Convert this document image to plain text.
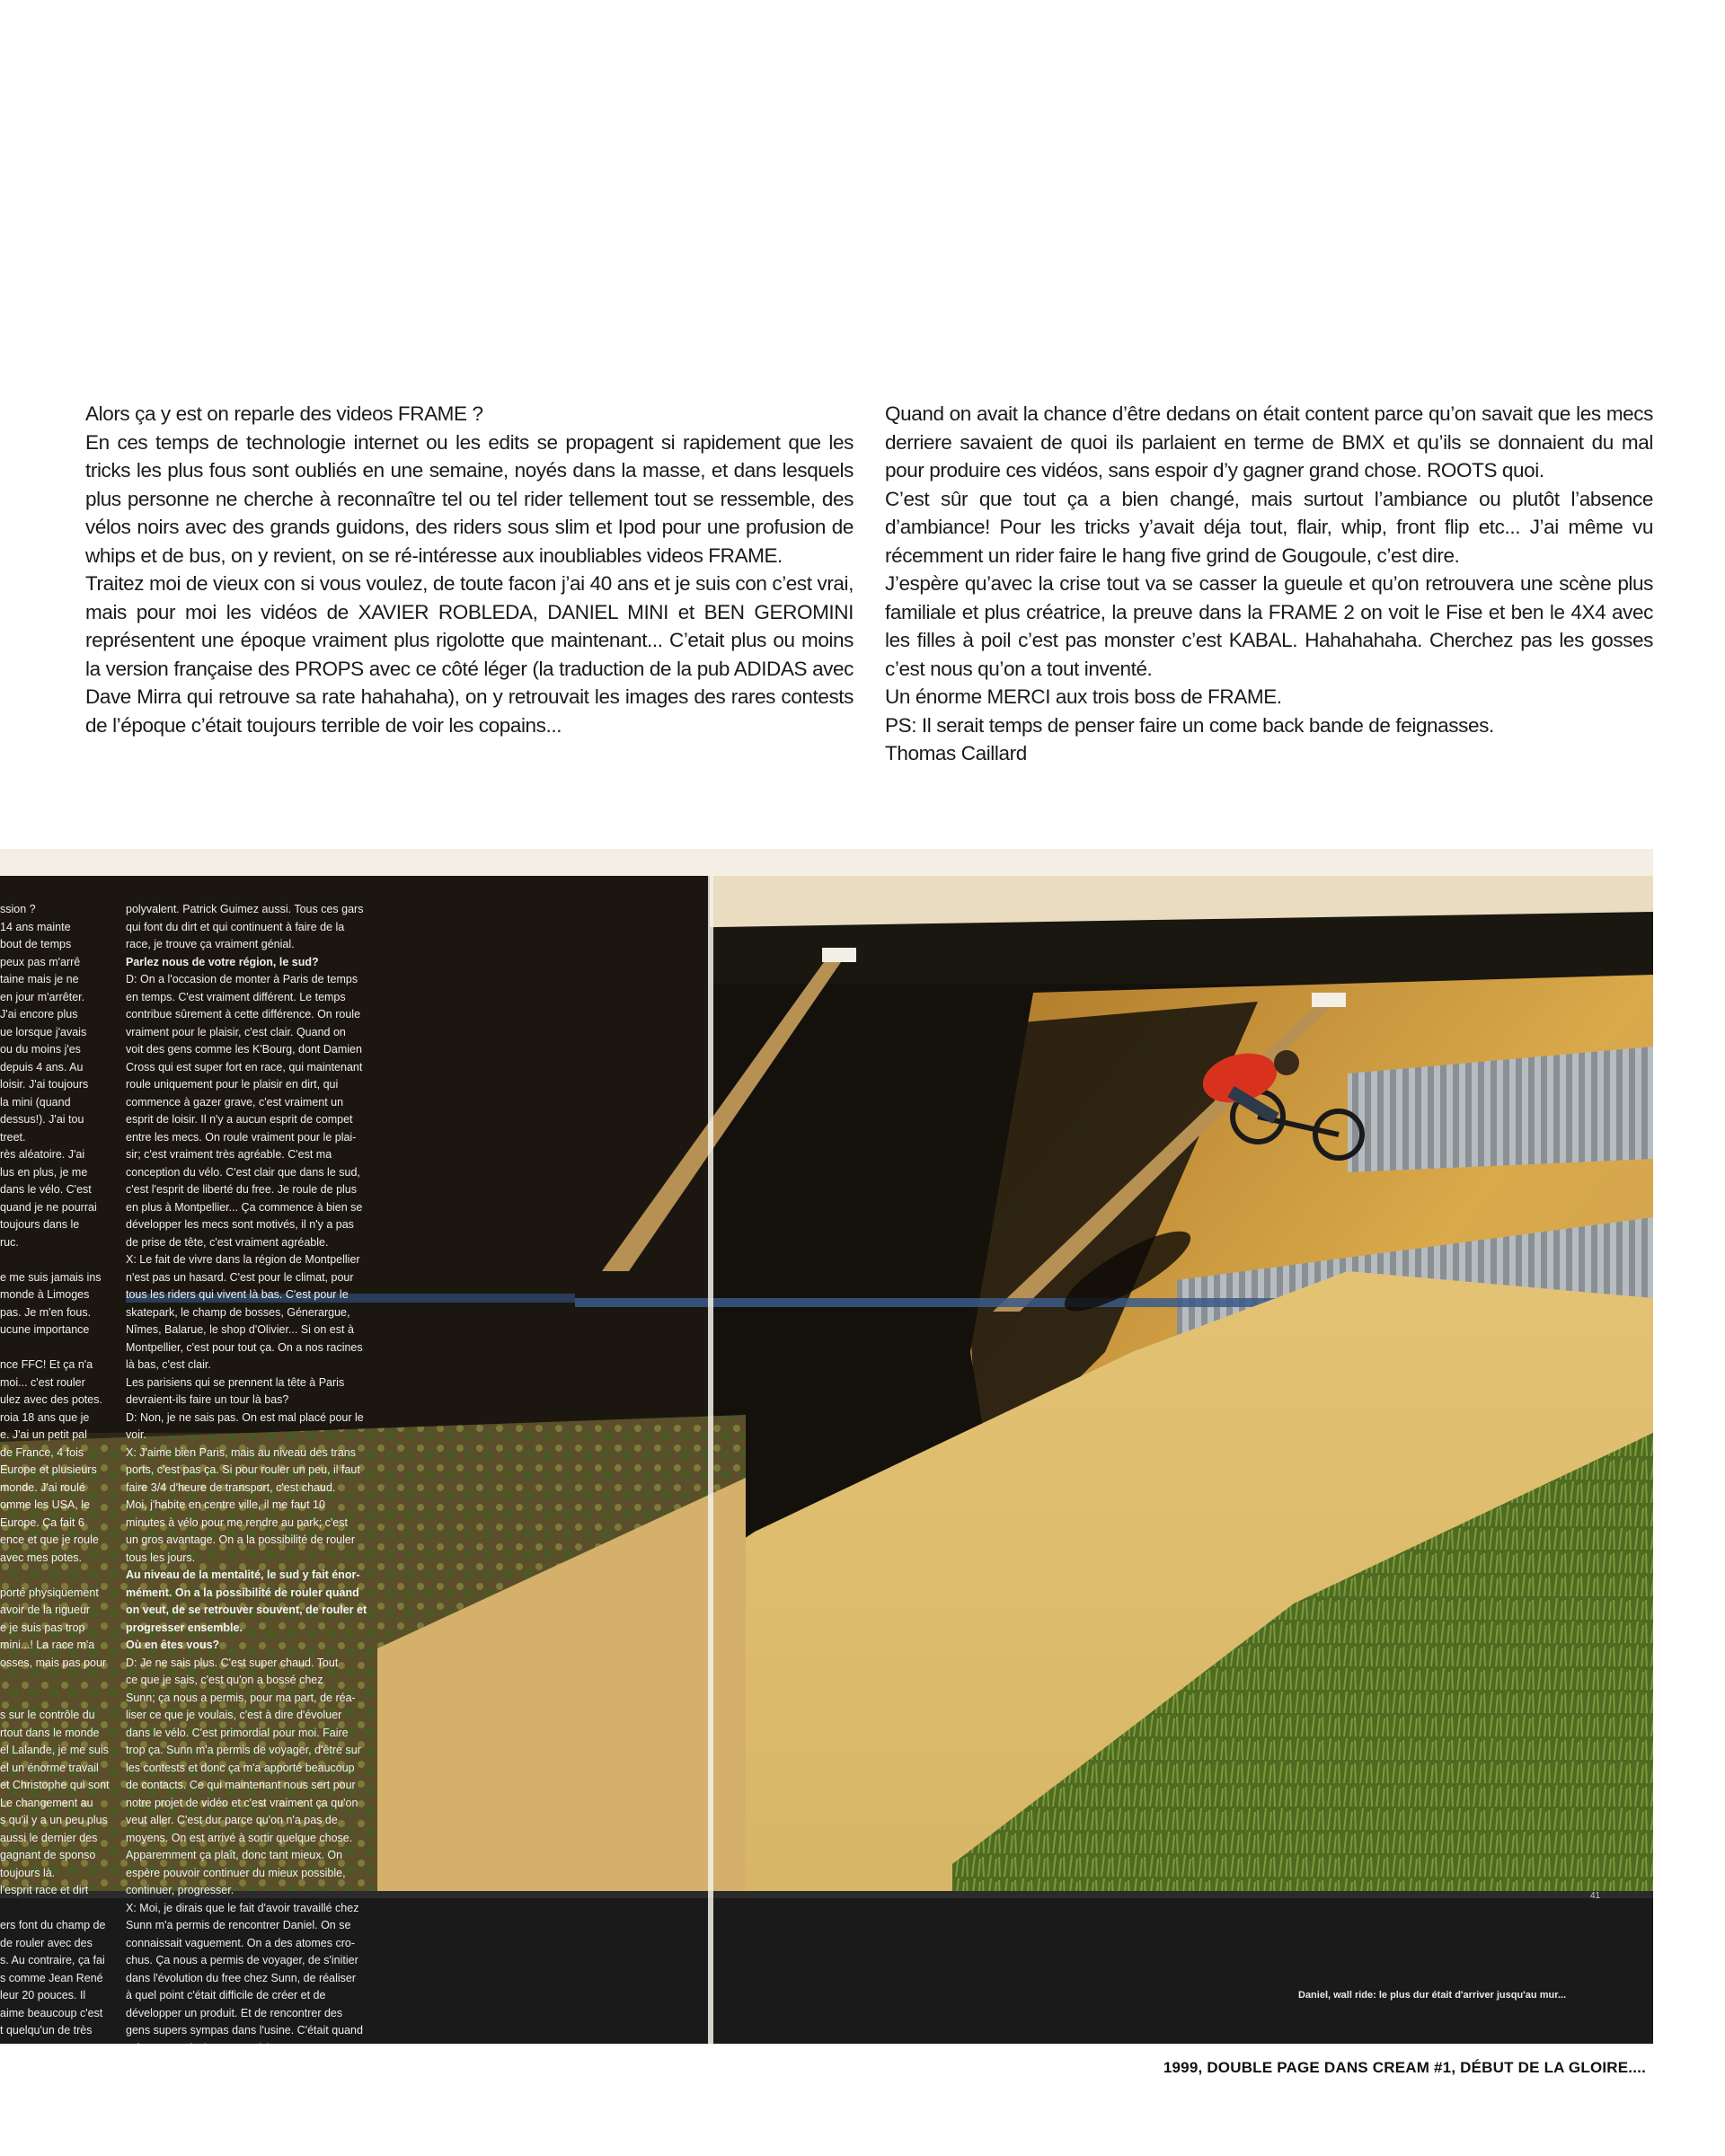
Alors ça y est on reparle des videos FRAME ?

En ces temps de technologie internet ou les edits se propagent si rapidement que les tricks les plus fous sont oubliés en une semaine, noyés dans la masse, et dans lesquels plus personne ne cherche à reconnaître tel ou tel rider tellement tout se ressemble, des vélos noirs avec des grands guidons, des riders sous slim et Ipod pour une profusion de whips et de bus, on y revient, on se ré-intéresse aux inoubliables videos FRAME.

Traitez moi de vieux con si vous voulez, de toute facon j’ai 40 ans et je suis con c’est vrai, mais pour moi les vidéos de XAVIER ROBLEDA, DANIEL MINI et BEN GEROMINI représentent une époque vraiment plus rigolotte que maintenant... C’etait plus ou moins la version française des PROPS avec ce côté léger (la traduction de la pub ADIDAS avec Dave Mirra qui retrouve sa rate hahahaha), on y retrouvait les images des rares contests de l’époque c’était toujours terrible de voir les copains...

Quand on avait la chance d’être dedans on était content parce qu’on savait que les mecs derriere savaient de quoi ils parlaient en terme de BMX et qu’ils se donnaient du mal pour produire ces vidéos, sans espoir d’y gagner grand chose. ROOTS quoi.

C’est sûr que tout ça a bien changé, mais surtout l’ambiance ou plutôt l’absence d’ambiance! Pour les tricks y’avait déja tout, flair, whip, front flip etc... J’ai même vu récemment un rider faire le hang five grind de Gougoule, c’est dire.

J’espère qu’avec la crise tout va se casser la gueule et qu’on retrouvera une scène plus familiale et plus créatrice, la preuve dans la FRAME 2 on voit le Fise et ben le 4X4 avec les filles à poil c’est pas monster c’est KABAL. Hahahahaha. Cherchez pas les gosses c’est nous qu’on a tout inventé.

Un énorme MERCI aux trois boss de FRAME.

PS: Il serait temps de penser faire un come back bande de feignasses.

Thomas Caillard

ssion ?
14 ans mainte
bout de temps
peux pas m'arrê
taine mais je ne
en jour m'arrêter.
J'ai encore plus
ue lorsque j'avais
ou du moins j'es
depuis 4 ans. Au
loisir. J'ai toujours
la mini (quand
dessus!). J'ai tou
treet.
rès aléatoire. J'ai
lus en plus, je me
dans le vélo. C'est
quand je ne pourrai
toujours dans le
ruc.

e me suis jamais ins
monde à Limoges
pas. Je m'en fous.
ucune importance

nce FFC! Et ça n'a
moi... c'est rouler
ulez avec des potes.
roia 18 ans que je
e. J'ai un petit pal
de France, 4 fois
Europe et plusieurs
monde. J'ai roulé
omme les USA, le
Europe. Ça fait 6
ence et que je roule
avec mes potes.

porté physiquement
avoir de la rigueur
e je suis pas trop
mini...! La race m'a
osses, mais pas pour

s sur le contrôle du
rtout dans le monde
el Lalande, je me suis
el un énorme travail
et Christophe qui sont
Le changement au
s qu'il y a un peu plus
aussi le dernier des
gagnant de sponso
toujours là.
l'esprit race et dirt

ers font du champ de
de rouler avec des
s. Au contraire, ça fai
s comme Jean René
leur 20 pouces. Il
aime beaucoup c'est
t quelqu'un de très
polyvalent. Patrick Guimez aussi. Tous ces gars
qui font du dirt et qui continuent à faire de la
race, je trouve ça vraiment génial.
Parlez nous de votre région, le sud?
D: On a l'occasion de monter à Paris de temps
en temps. C'est vraiment différent. Le temps
contribue sûrement à cette différence. On roule
vraiment pour le plaisir, c'est clair. Quand on
voit des gens comme les K'Bourg, dont Damien
Cross qui est super fort en race, qui maintenant
roule uniquement pour le plaisir en dirt, qui
commence à gazer grave, c'est vraiment un
esprit de loisir. Il n'y a aucun esprit de compet
entre les mecs. On roule vraiment pour le plai-
sir; c'est vraiment très agréable. C'est ma
conception du vélo. C'est clair que dans le sud,
c'est l'esprit de liberté du free. Je roule de plus
en plus à Montpellier... Ça commence à bien se
développer les mecs sont motivés, il n'y a pas
de prise de tête, c'est vraiment agréable.
X: Le fait de vivre dans la région de Montpellier
n'est pas un hasard. C'est pour le climat, pour
tous les riders qui vivent là bas. C'est pour le
skatepark, le champ de bosses, Génerargue,
Nîmes, Balarue, le shop d'Olivier... Si on est à
Montpellier, c'est pour tout ça. On a nos racines
là bas, c'est clair.
Les parisiens qui se prennent la tête à Paris
devraient-ils faire un tour là bas?
D: Non, je ne sais pas. On est mal placé pour le
voir.
X: J'aime bien Paris, mais au niveau des trans
ports, c'est pas ça. Si pour rouler un peu, il faut
faire 3/4 d'heure de transport, c'est chaud.
Moi, j'habite en centre ville, il me faut 10
minutes à vélo pour me rendre au park; c'est
un gros avantage. On a la possibilité de rouler
tous les jours.
Au niveau de la mentalité, le sud y fait énor-
mément. On a la possibilité de rouler quand
on veut, de se retrouver souvent, de rouler et
progresser ensemble.
Où en êtes vous?
D: Je ne sais plus. C'est super chaud. Tout
ce que je sais, c'est qu'on a bossé chez
Sunn; ça nous a permis, pour ma part, de réa-
liser ce que je voulais, c'est à dire d'évoluer
dans le vélo. C'est primordial pour moi. Faire
trop ça. Sunn m'a permis de voyager, d'être sur
les contests et donc ça m'a apporté beaucoup
de contacts. Ce qui maintenant nous sert pour
notre projet de vidéo et c'est vraiment ça qu'on
veut aller. C'est dur parce qu'on n'a pas de
moyens. On est arrivé à sortir quelque chose.
Apparemment ça plaît, donc tant mieux. On
espère pouvoir continuer du mieux possible,
continuer, progresser.
X: Moi, je dirais que le fait d'avoir travaillé chez
Sunn m'a permis de rencontrer Daniel. On se
connaissait vaguement. On a des atomes cro-
chus. Ça nous a permis de voyager, de s'initier
dans l'évolution du free chez Sunn, de réaliser
à quel point c'était difficile de créer et de
développer un produit. Et de rencontrer des
gens supers sympas dans l'usine. C'était quand
même une très bonne expérience.
41
Daniel, wall ride: le plus dur était d'arriver jusqu'au mur...
1999, DOUBLE PAGE DANS CREAM #1, DÉBUT DE LA GLOIRE....
